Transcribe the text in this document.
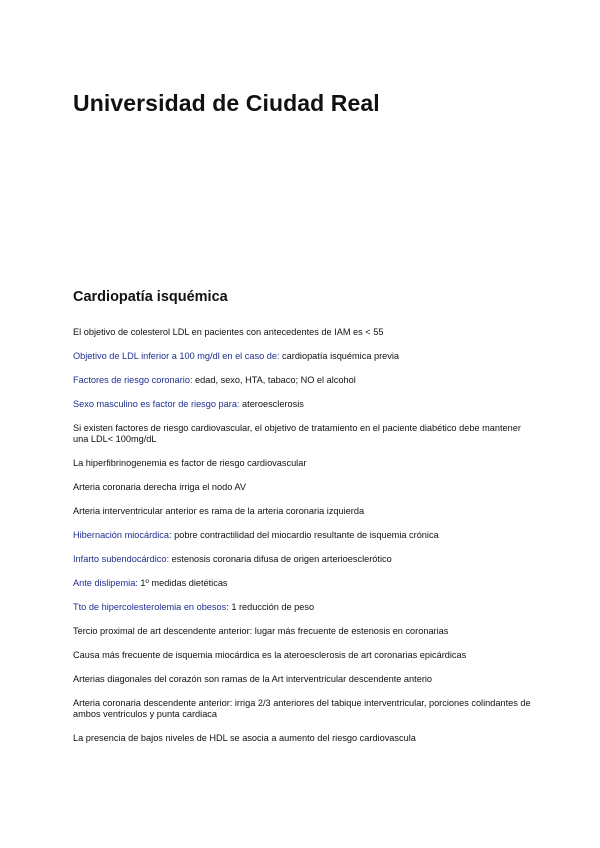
Universidad de Ciudad Real
Cardiopatía isquémica
El objetivo de colesterol LDL en pacientes con antecedentes de IAM es < 55
Objetivo de LDL inferior a 100 mg/dl en el caso de: cardiopatía isquémica previa
Factores de riesgo coronario: edad, sexo, HTA, tabaco; NO el alcohol
Sexo masculino es factor de riesgo para: ateroesclerosis
Si existen factores de riesgo cardiovascular, el objetivo de tratamiento en el paciente diabético debe mantener una LDL< 100mg/dL
La hiperfibrinogenemia es factor de riesgo cardiovascular
Arteria coronaria derecha irriga el nodo AV
Arteria interventricular anterior es rama de la arteria coronaria izquierda
Hibernación miocárdica: pobre contractilidad del miocardio resultante de isquemia crónica
Infarto subendocárdico: estenosis coronaria difusa de origen arterioesclerótico
Ante dislipemia: 1º medidas dietéticas
Tto de hipercolesterolemia en obesos: 1 reducción de peso
Tercio proximal de art descendente anterior: lugar más frecuente de estenosis en coronarias
Causa más frecuente de isquemia miocárdica es la ateroesclerosis de art coronarias epicárdicas
Arterias diagonales del corazón son ramas de la Art interventricular descendente anterio
Arteria coronaria descendente anterior: irriga 2/3 anteriores del tabique interventricular, porciones colindantes de ambos ventriculos y punta cardiaca
La presencia de bajos niveles de HDL se asocia a aumento del riesgo cardiovascula
